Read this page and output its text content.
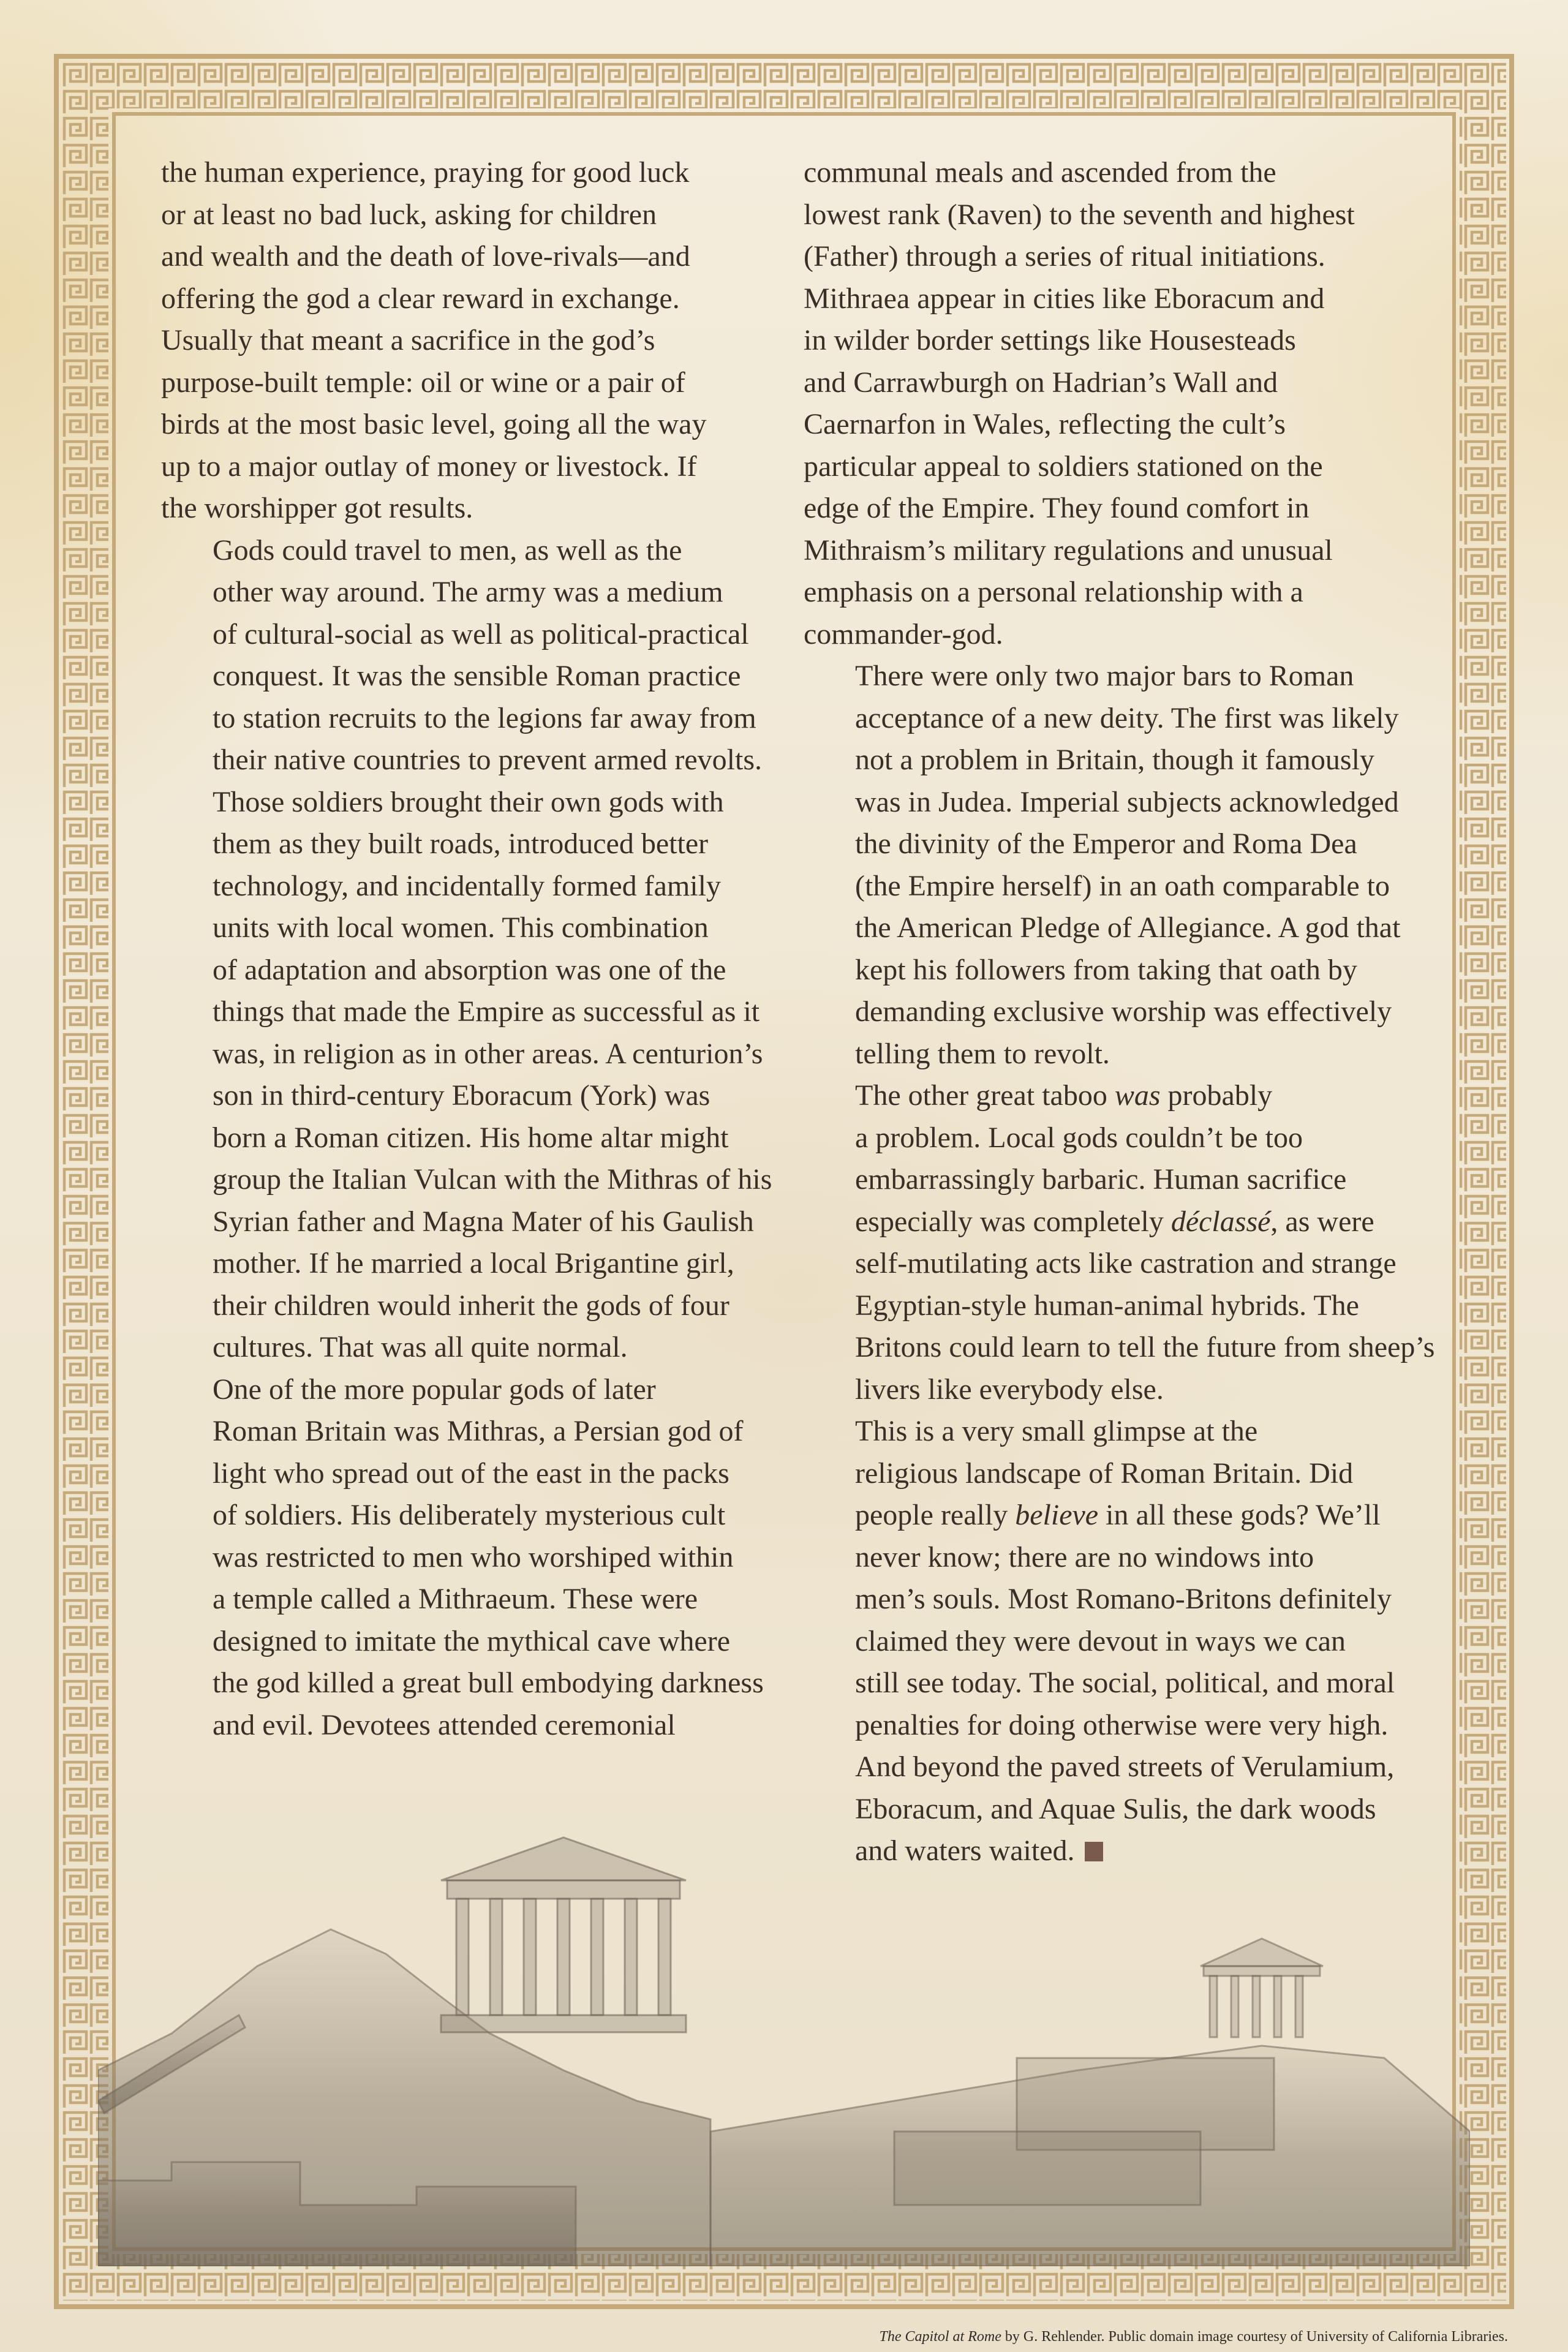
the human experience, praying for good luck
or at least no bad luck, asking for children
and wealth and the death of love-rivals—and
offering the god a clear reward in exchange.
Usually that meant a sacrifice in the god’s
purpose-built temple: oil or wine or a pair of
birds at the most basic level, going all the way
up to a major outlay of money or livestock. If
the worshipper got results.

Gods could travel to men, as well as the
other way around. The army was a medium
of cultural-social as well as political-practical
conquest. It was the sensible Roman practice
to station recruits to the legions far away from
their native countries to prevent armed revolts.
Those soldiers brought their own gods with
them as they built roads, introduced better
technology, and incidentally formed family
units with local women. This combination
of adaptation and absorption was one of the
things that made the Empire as successful as it
was, in religion as in other areas. A centurion’s
son in third-century Eboracum (York) was
born a Roman citizen. His home altar might
group the Italian Vulcan with the Mithras of his
Syrian father and Magna Mater of his Gaulish
mother. If he married a local Brigantine girl,
their children would inherit the gods of four
cultures. That was all quite normal.

One of the more popular gods of later
Roman Britain was Mithras, a Persian god of
light who spread out of the east in the packs
of soldiers. His deliberately mysterious cult
was restricted to men who worshiped within
a temple called a Mithraeum. These were
designed to imitate the mythical cave where
the god killed a great bull embodying darkness
and evil. Devotees attended ceremonial

communal meals and ascended from the
lowest rank (Raven) to the seventh and highest
(Father) through a series of ritual initiations.
Mithraea appear in cities like Eboracum and
in wilder border settings like Housesteads
and Carrawburgh on Hadrian’s Wall and
Caernarfon in Wales, reflecting the cult’s
particular appeal to soldiers stationed on the
edge of the Empire. They found comfort in
Mithraism’s military regulations and unusual
emphasis on a personal relationship with a
commander-god.

There were only two major bars to Roman
acceptance of a new deity. The first was likely
not a problem in Britain, though it famously
was in Judea. Imperial subjects acknowledged
the divinity of the Emperor and Roma Dea
(the Empire herself) in an oath comparable to
the American Pledge of Allegiance. A god that
kept his followers from taking that oath by
demanding exclusive worship was effectively
telling them to revolt.

The other great taboo was probably
a problem. Local gods couldn’t be too
embarrassingly barbaric. Human sacrifice
especially was completely déclassé, as were
self-mutilating acts like castration and strange
Egyptian-style human-animal hybrids. The
Britons could learn to tell the future from sheep’s
livers like everybody else.

This is a very small glimpse at the
religious landscape of Roman Britain. Did
people really believe in all these gods? We’ll
never know; there are no windows into
men’s souls. Most Romano-Britons definitely
claimed they were devout in ways we can
still see today. The social, political, and moral
penalties for doing otherwise were very high.
And beyond the paved streets of Verulamium,
Eboracum, and Aquae Sulis, the dark woods
and waters waited.

The Capitol at Rome by G. Rehlender. Public domain image courtesy of University of California Libraries.
